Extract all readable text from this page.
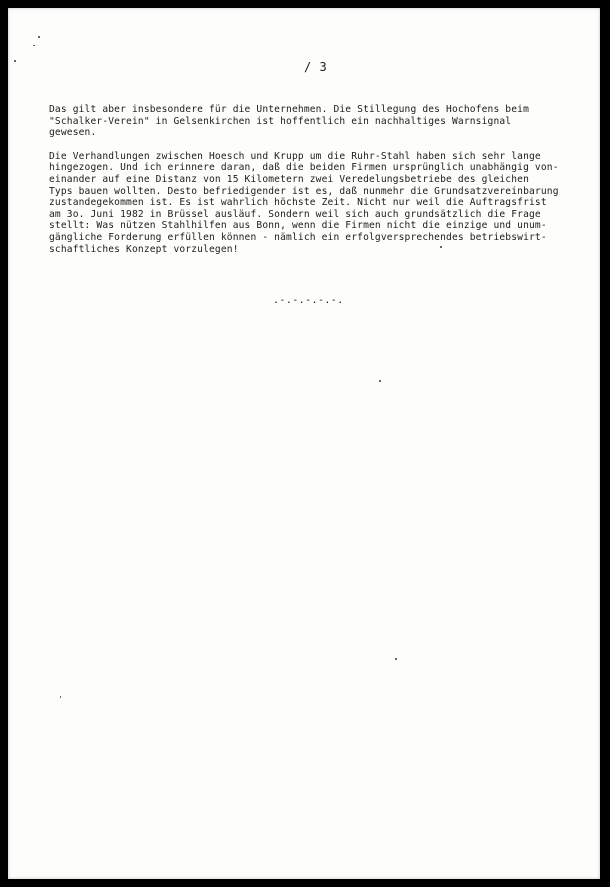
/ 3

Das gilt aber insbesondere für die Unternehmen. Die Stillegung des Hochofens beim
"Schalker-Verein" in Gelsenkirchen ist hoffentlich ein nachhaltiges Warnsignal
gewesen.

Die Verhandlungen zwischen Hoesch und Krupp um die Ruhr-Stahl haben sich sehr lange
hingezogen. Und ich erinnere daran, daß die beiden Firmen ursprünglich unabhängig von-
einander auf eine Distanz von 15 Kilometern zwei Veredelungsbetriebe des gleichen
Typs bauen wollten. Desto befriedigender ist es, daß nunmehr die Grundsatzvereinbarung
zustandegekommen ist. Es ist wahrlich höchste Zeit. Nicht nur weil die Auftragsfrist
am 3o. Juni 1982 in Brüssel ausläuf. Sondern weil sich auch grundsätzlich die Frage
stellt: Was nützen Stahlhilfen aus Bonn, wenn die Firmen nicht die einzige und unum-
gängliche Forderung erfüllen können - nämlich ein erfolgversprechendes betriebswirt-
schaftliches Konzept vorzulegen!

.-.-.-.-.-.
